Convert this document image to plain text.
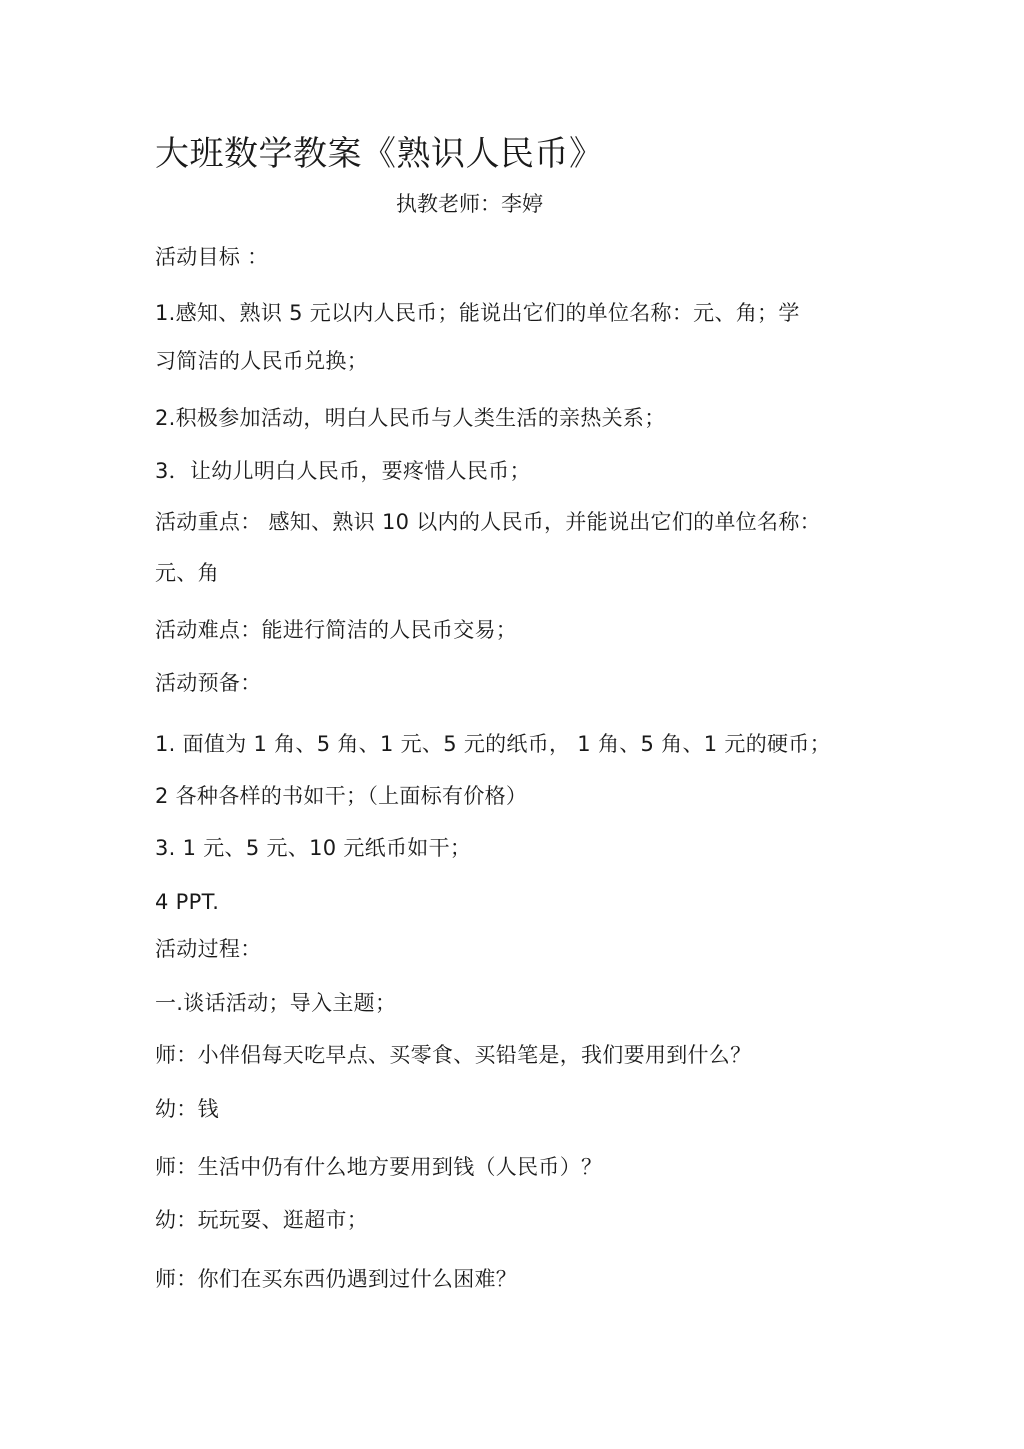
大班数学教案《熟识人民币》
执教老师：李婷
活动目标 ：
1.感知、熟识 5 元以内人民币；能说出它们的单位名称：元、角；学
习简洁的人民币兑换；
2.积极参加活动，明白人民币与人类生活的亲热关系；
3．让幼儿明白人民币，要疼惜人民币；
活动重点： 感知、熟识 10 以内的人民币，并能说出它们的单位名称：
元、角
活动难点：能进行简洁的人民币交易；
活动预备：
1. 面值为 1 角、5 角、1 元、5 元的纸币， 1 角、5 角、1 元的硬币；
2 各种各样的书如干；（上面标有价格）
3. 1 元、5 元、10 元纸币如干；
4 PPT.
活动过程：
一.谈话活动；导入主题；
师：小伴侣每天吃早点、买零食、买铅笔是，我们要用到什么？
幼：钱
师：生活中仍有什么地方要用到钱（人民币）？
幼：玩玩耍、逛超市；
师：你们在买东西仍遇到过什么困难？
